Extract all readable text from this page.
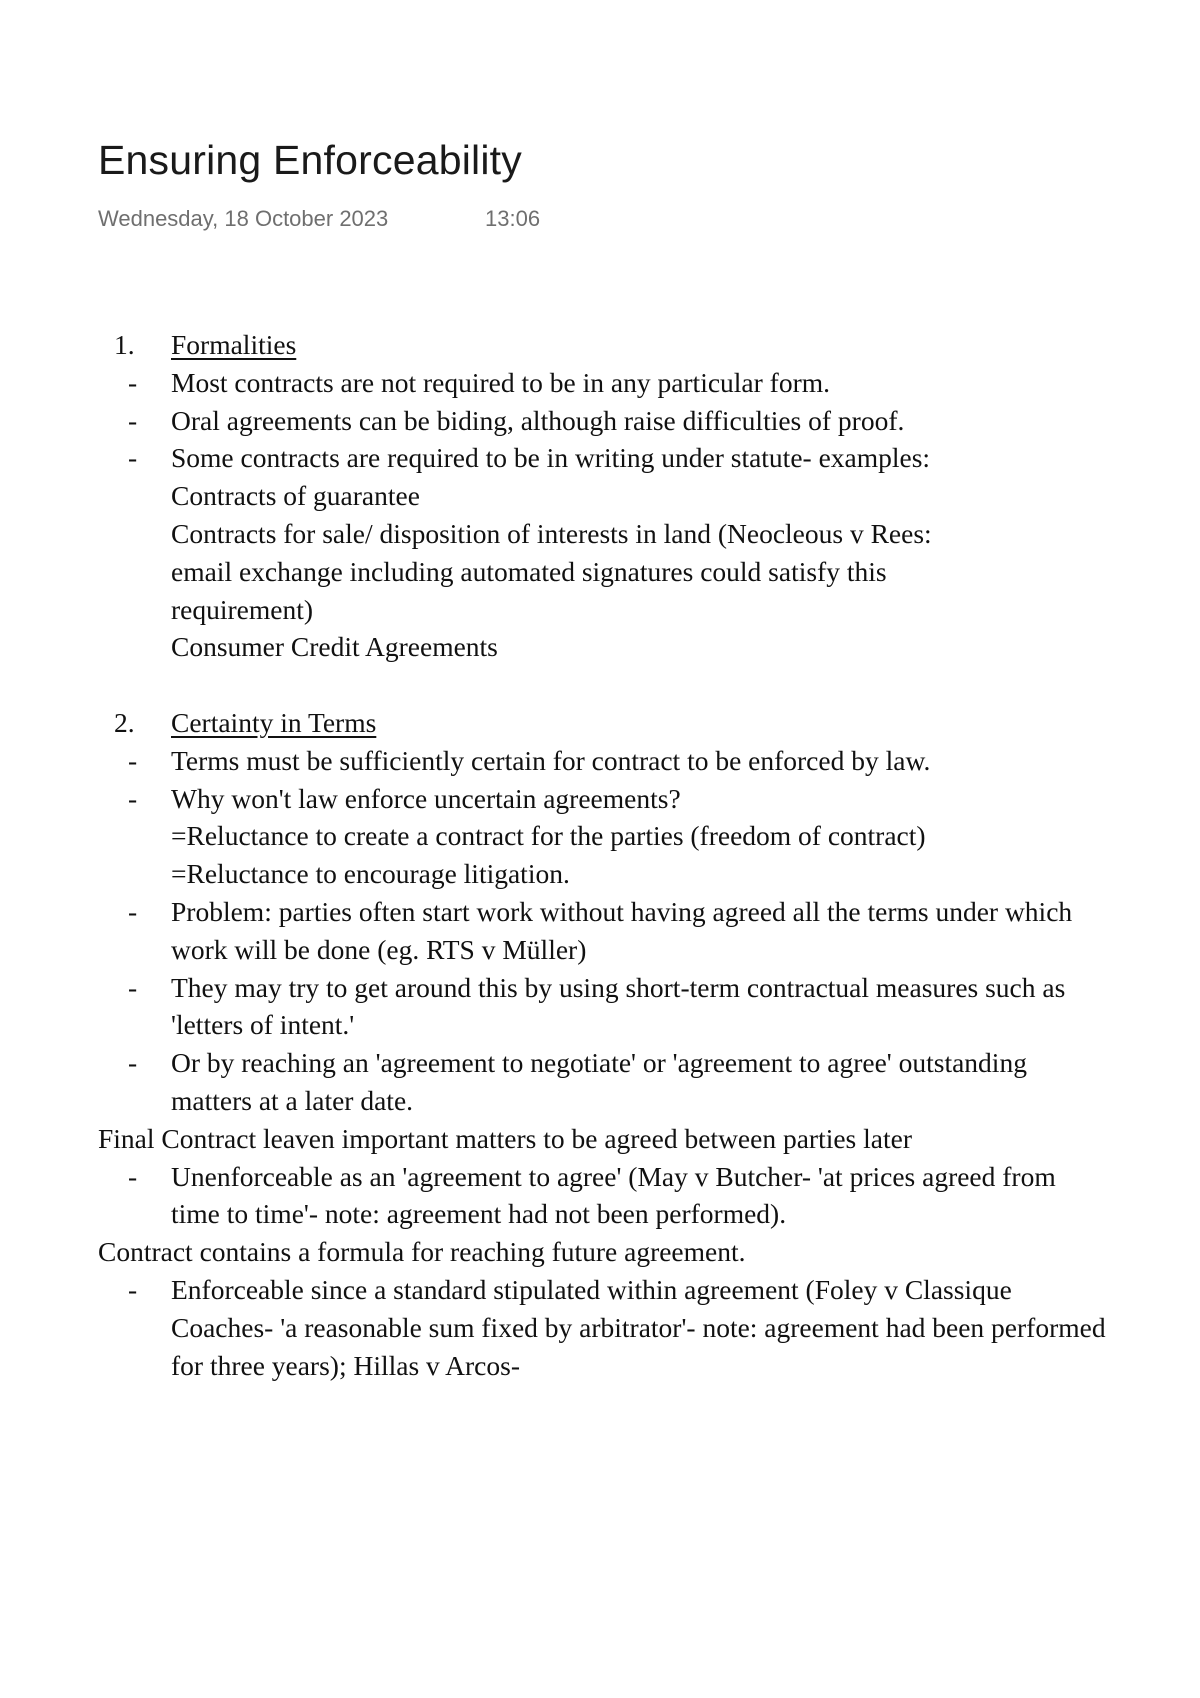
Ensuring Enforceability
Wednesday, 18 October 2023	13:06
1.	Formalities
-	Most contracts are not required to be in any particular form.
-	Oral agreements can be biding, although raise difficulties of proof.
-	Some contracts are required to be in writing under statute- examples:
Contracts of guarantee
Contracts for sale/ disposition of interests in land (Neocleous v Rees: email exchange including automated signatures could satisfy this requirement)
Consumer Credit Agreements
2.	Certainty in Terms
-	Terms must be sufficiently certain for contract to be enforced by law.
-	Why won't law enforce uncertain agreements?
=Reluctance to create a contract for the parties (freedom of contract)
=Reluctance to encourage litigation.
-	Problem: parties often start work without having agreed all the terms under which work will be done (eg. RTS v Müller)
-	They may try to get around this by using short-term contractual measures such as 'letters of intent.'
-	Or by reaching an 'agreement to negotiate' or 'agreement to agree' outstanding matters at a later date.
Final Contract leaven important matters to be agreed between parties later
-	Unenforceable as an 'agreement to agree' (May v Butcher- 'at prices agreed from time to time'- note: agreement had not been performed).
Contract contains a formula for reaching future agreement.
-	Enforceable since a standard stipulated within agreement (Foley v Classique Coaches- 'a reasonable sum fixed by arbitrator'- note: agreement had been performed for three years); Hillas v Arcos-
